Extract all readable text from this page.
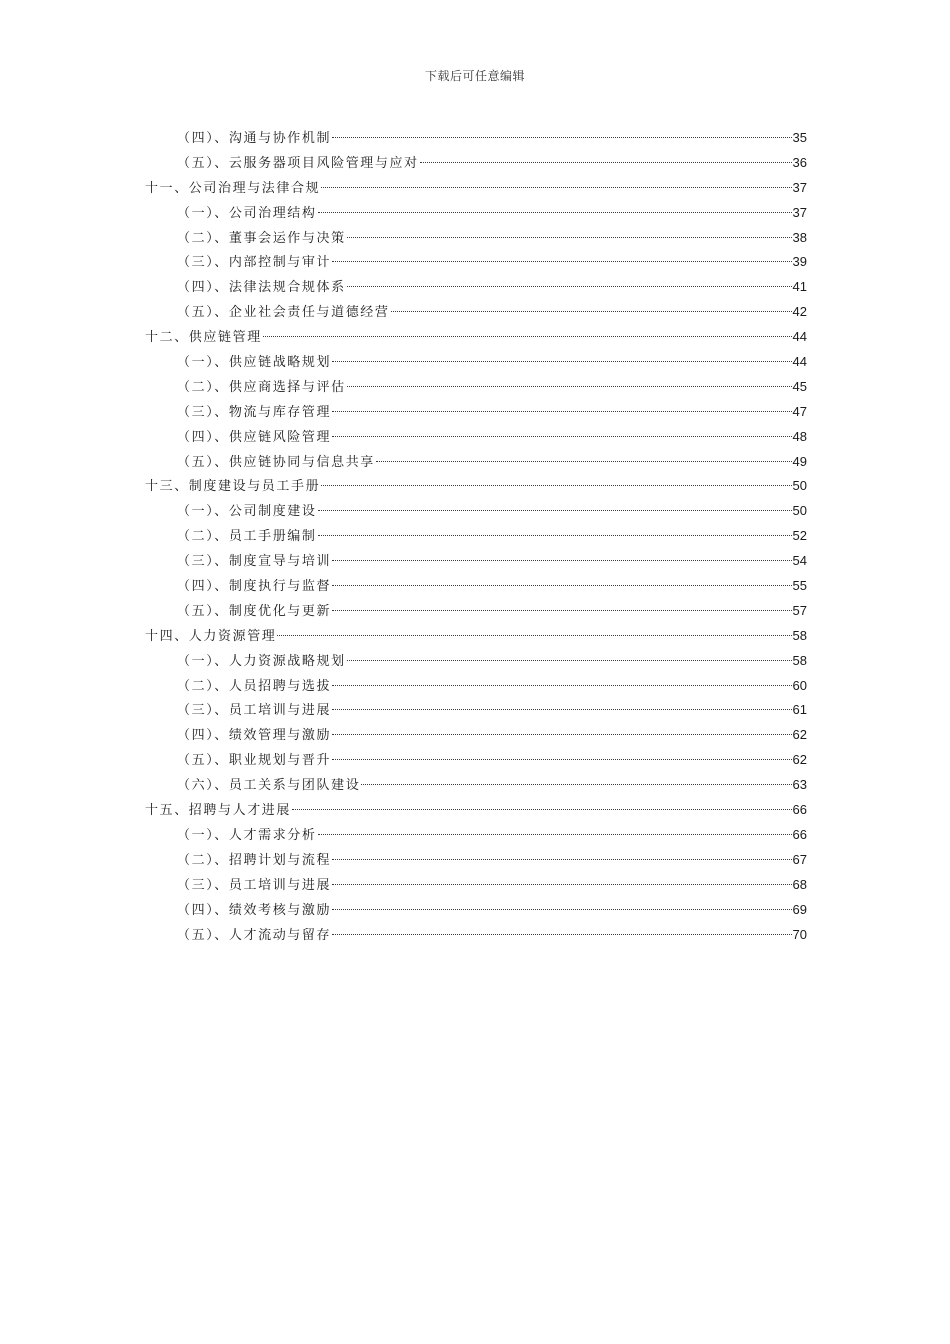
下载后可任意编辑
（四）、沟通与协作机制	35
（五）、云服务器项目风险管理与应对	36
十一、公司治理与法律合规	37
（一）、公司治理结构	37
（二）、董事会运作与决策	38
（三）、内部控制与审计	39
（四）、法律法规合规体系	41
（五）、企业社会责任与道德经营	42
十二、供应链管理	44
（一）、供应链战略规划	44
（二）、供应商选择与评估	45
（三）、物流与库存管理	47
（四）、供应链风险管理	48
（五）、供应链协同与信息共享	49
十三、制度建设与员工手册	50
（一）、公司制度建设	50
（二）、员工手册编制	52
（三）、制度宣导与培训	54
（四）、制度执行与监督	55
（五）、制度优化与更新	57
十四、人力资源管理	58
（一）、人力资源战略规划	58
（二）、人员招聘与选拔	60
（三）、员工培训与进展	61
（四）、绩效管理与激励	62
（五）、职业规划与晋升	62
（六）、员工关系与团队建设	63
十五、招聘与人才进展	66
（一）、人才需求分析	66
（二）、招聘计划与流程	67
（三）、员工培训与进展	68
（四）、绩效考核与激励	69
（五）、人才流动与留存	70
